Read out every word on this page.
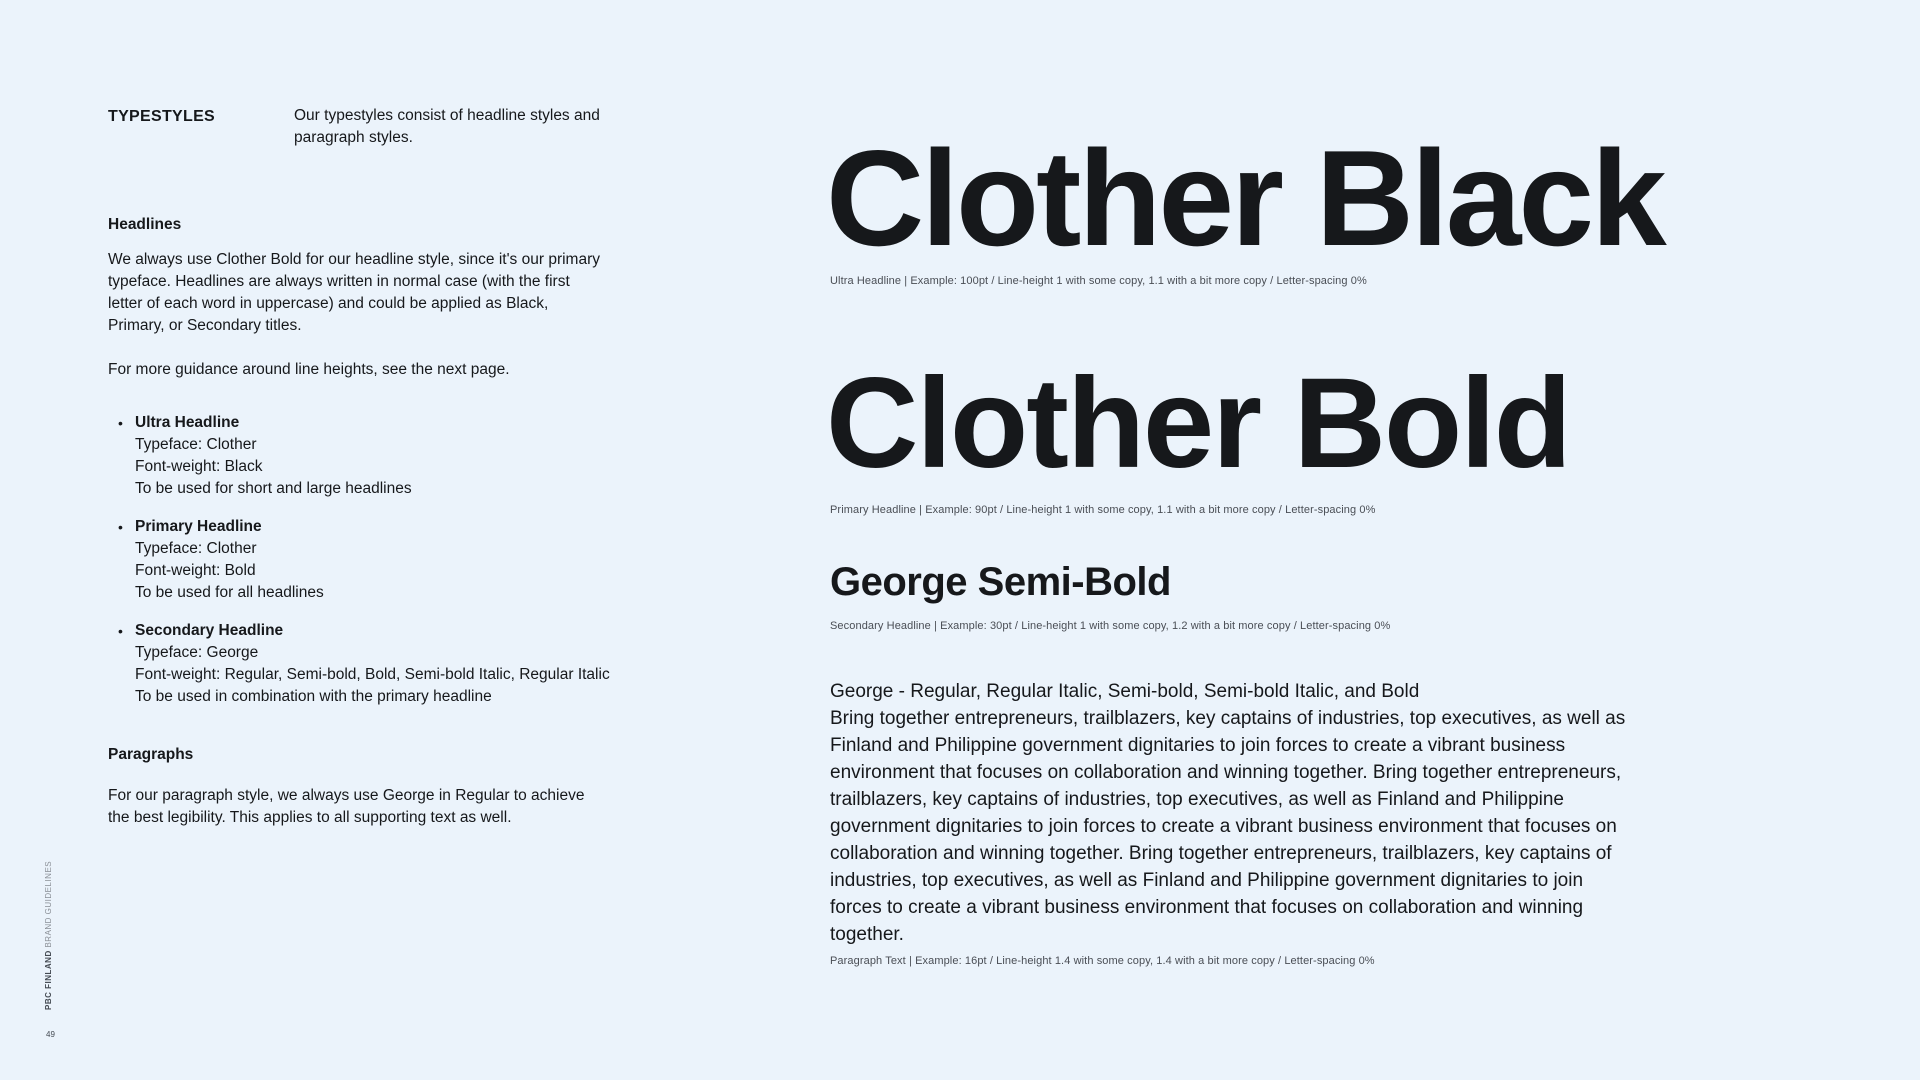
TYPESTYLES	Our typestyles consist of headline styles and paragraph styles.
Headlines
We always use Clother Bold for our headline style, since it's our primary typeface. Headlines are always written in normal case (with the first letter of each word in uppercase) and could be applied as Black, Primary, or Secondary titles.
For more guidance around line heights, see the next page.
• Ultra Headline
Typeface: Clother
Font-weight: Black
To be used for short and large headlines
• Primary Headline
Typeface: Clother
Font-weight: Bold
To be used for all headlines
• Secondary Headline
Typeface: George
Font-weight: Regular, Semi-bold, Bold, Semi-bold Italic, Regular Italic
To be used in combination with the primary headline
Paragraphs
For our paragraph style, we always use George in Regular to achieve the best legibility. This applies to all supporting text as well.
Clother Black
Ultra Headline | Example: 100pt / Line-height 1 with some copy, 1.1 with a bit more copy / Letter-spacing 0%
Clother Bold
Primary Headline | Example: 90pt / Line-height 1 with some copy, 1.1 with a bit more copy / Letter-spacing 0%
George Semi-Bold
Secondary Headline | Example: 30pt / Line-height 1 with some copy, 1.2 with a bit more copy / Letter-spacing 0%
George - Regular, Regular Italic, Semi-bold, Semi-bold Italic, and Bold
Bring together entrepreneurs, trailblazers, key captains of industries, top executives, as well as Finland and Philippine government dignitaries to join forces to create a vibrant business environment that focuses on collaboration and winning together. Bring together entrepreneurs, trailblazers, key captains of industries, top executives, as well as Finland and Philippine government dignitaries to join forces to create a vibrant business environment that focuses on collaboration and winning together. Bring together entrepreneurs, trailblazers, key captains of industries, top executives, as well as Finland and Philippine government dignitaries to join forces to create a vibrant business environment that focuses on collaboration and winning together.
Paragraph Text | Example: 16pt / Line-height 1.4 with some copy, 1.4 with a bit more copy / Letter-spacing 0%
PBC FINLAND BRAND GUIDELINES
49
